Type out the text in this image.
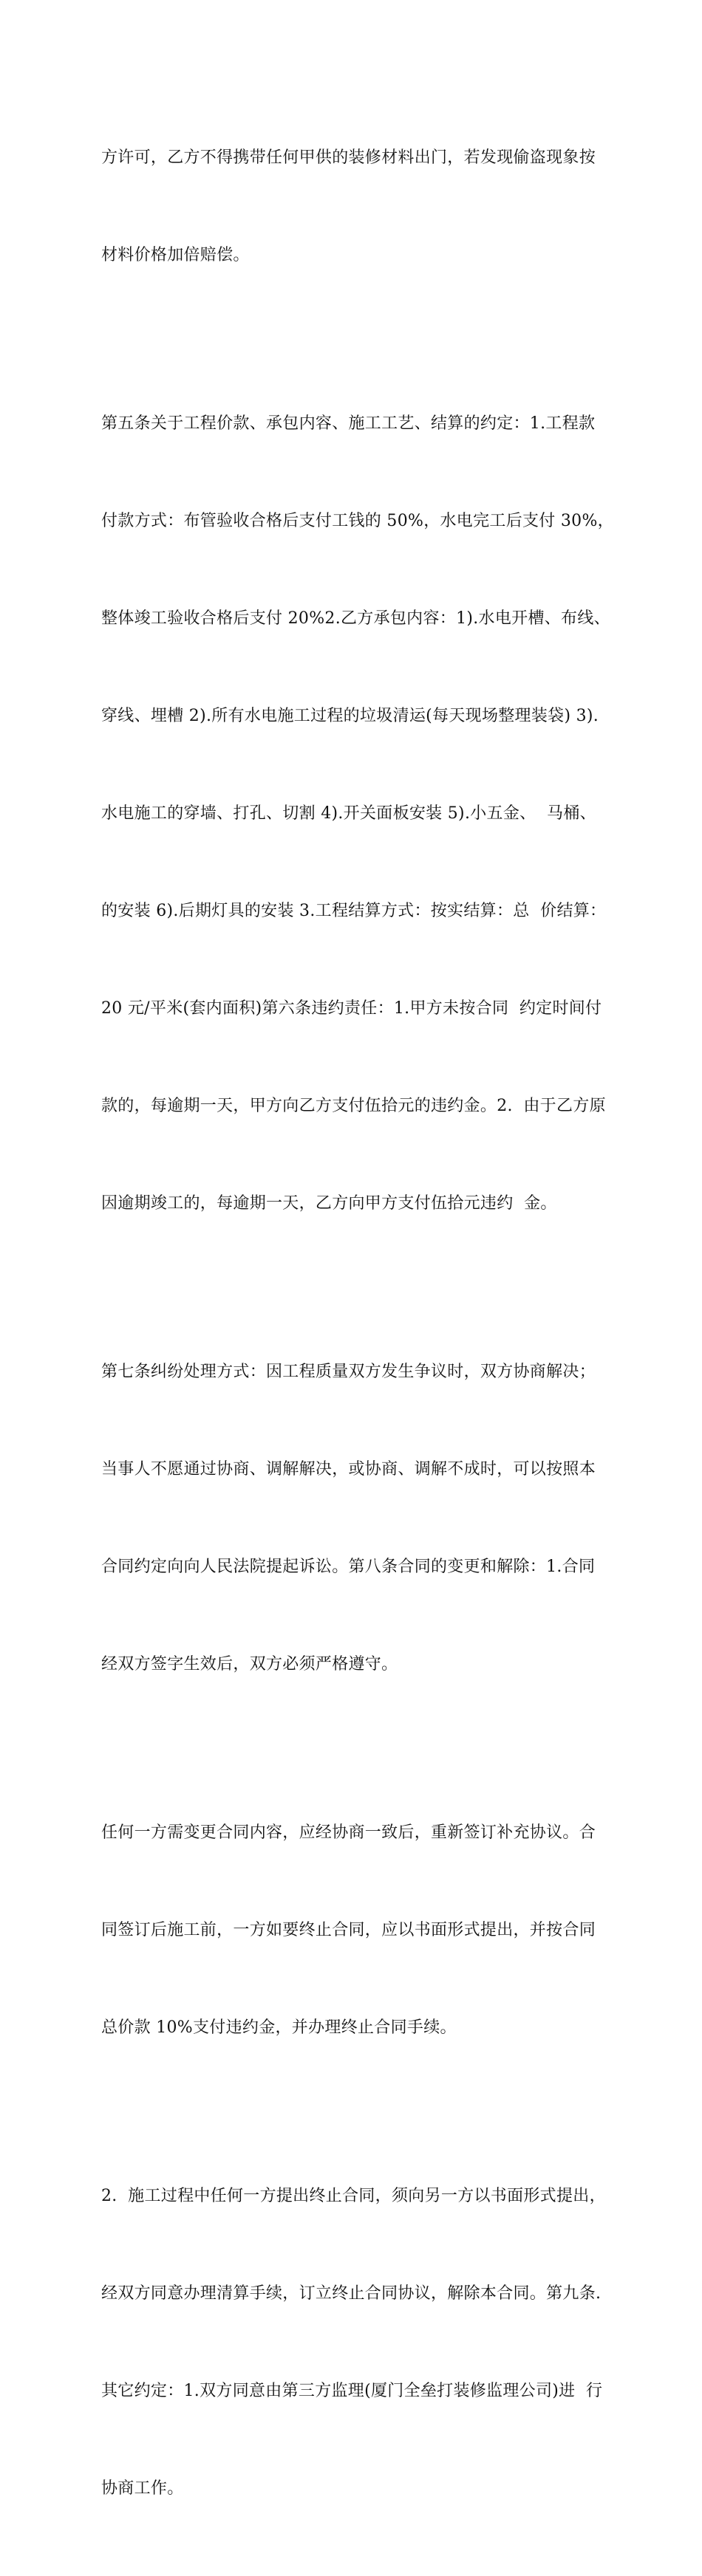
方许可，乙方不得携带任何甲供的装修材料出门，若发现偷盗现象按

材料价格加倍赔偿。

第五条关于工程价款、承包内容、施工工艺、结算的约定：1.工程款

付款方式：布管验收合格后支付工钱的 50%，水电完工后支付 30%，

整体竣工验收合格后支付 20%2.乙方承包内容：1).水电开槽、布线、

穿线、埋槽 2).所有水电施工过程的垃圾清运(每天现场整理装袋) 3).

水电施工的穿墙、打孔、切割 4).开关面板安装 5).小五金、  马桶、

的安装 6).后期灯具的安装 3.工程结算方式：按实结算：总  价结算：

20 元/平米(套内面积)第六条违约责任：1.甲方未按合同  约定时间付

款的，每逾期一天，甲方向乙方支付伍拾元的违约金。2.  由于乙方原

因逾期竣工的，每逾期一天，乙方向甲方支付伍拾元违约  金。

第七条纠纷处理方式：因工程质量双方发生争议时，双方协商解决；

当事人不愿通过协商、调解解决，或协商、调解不成时，可以按照本

合同约定向向人民法院提起诉讼。第八条合同的变更和解除：1.合同

经双方签字生效后，双方必须严格遵守。

任何一方需变更合同内容，应经协商一致后，重新签订补充协议。合

同签订后施工前，一方如要终止合同，应以书面形式提出，并按合同

总价款 10%支付违约金，并办理终止合同手续。

2.  施工过程中任何一方提出终止合同，须向另一方以书面形式提出，

经双方同意办理清算手续，订立终止合同协议，解除本合同。第九条.

其它约定：1.双方同意由第三方监理(厦门全垒打装修监理公司)进  行

协商工作。
